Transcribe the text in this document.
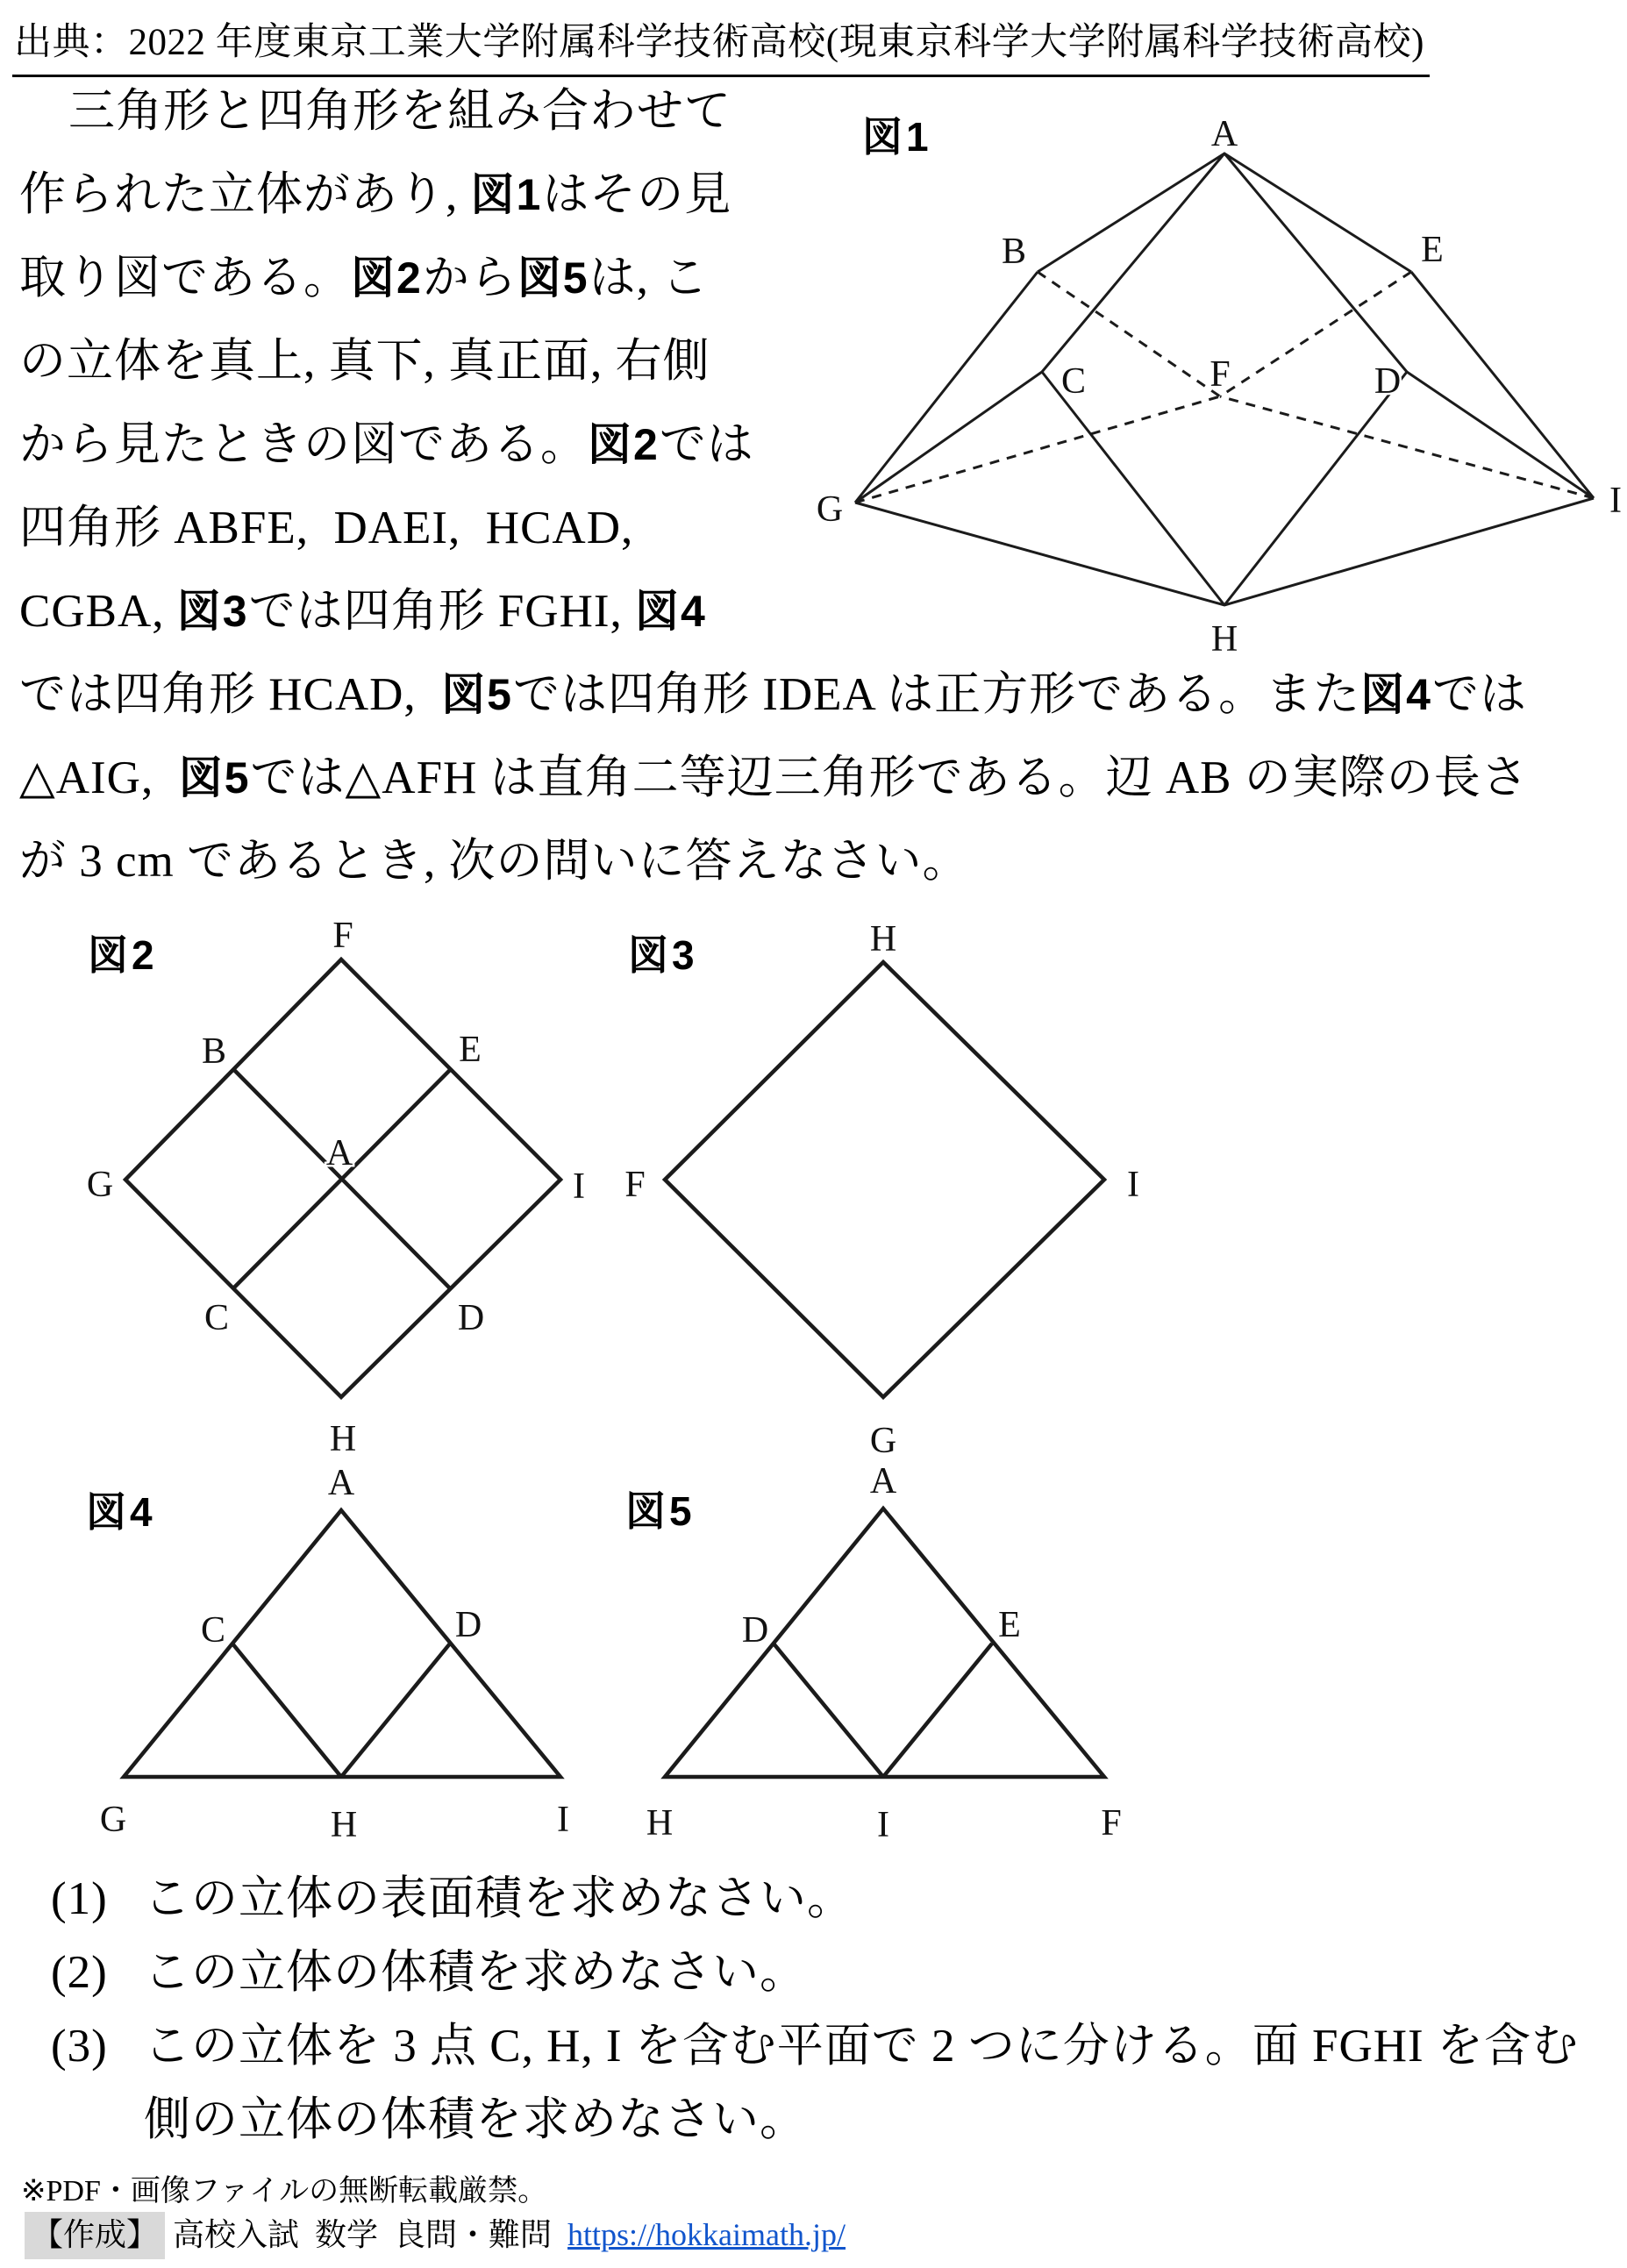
出典：2022 年度東京工業大学附属科学技術高校(現東京科学大学附属科学技術高校)
三角形と四角形を組み合わせて
作られた立体があり, 図1はその見
取り図である。図2から図5は, こ
の立体を真上, 真下, 真正面, 右側
から見たときの図である。図2では
四角形 ABFE,  DAEI,  HCAD,
CGBA, 図3では四角形 FGHI, 図4
では四角形 HCAD,  図5では四角形 IDEA は正方形である。また図4では
△AIG,  図5では△AFH は直角二等辺三角形である。辺 AB の実際の長さ
が 3 cm であるとき, 次の問いに答えなさい。
図1
図2	図3
図4	図5
A
B	E
C	F	D
G	I
H
F
B	E
A
G	I
C	D
H
H
F	I
G
A
C	D
G	H	I
A
D	E
H	I	F
(1) この立体の表面積を求めなさい。
(2) この立体の体積を求めなさい。
(3) この立体を 3 点 C, H, I を含む平面で 2 つに分ける。面 FGHI を含む
側の立体の体積を求めなさい。
※PDF・画像ファイルの無断転載厳禁。
【作成】 高校入試  数学  良問・難問 https://hokkaimath.jp/
